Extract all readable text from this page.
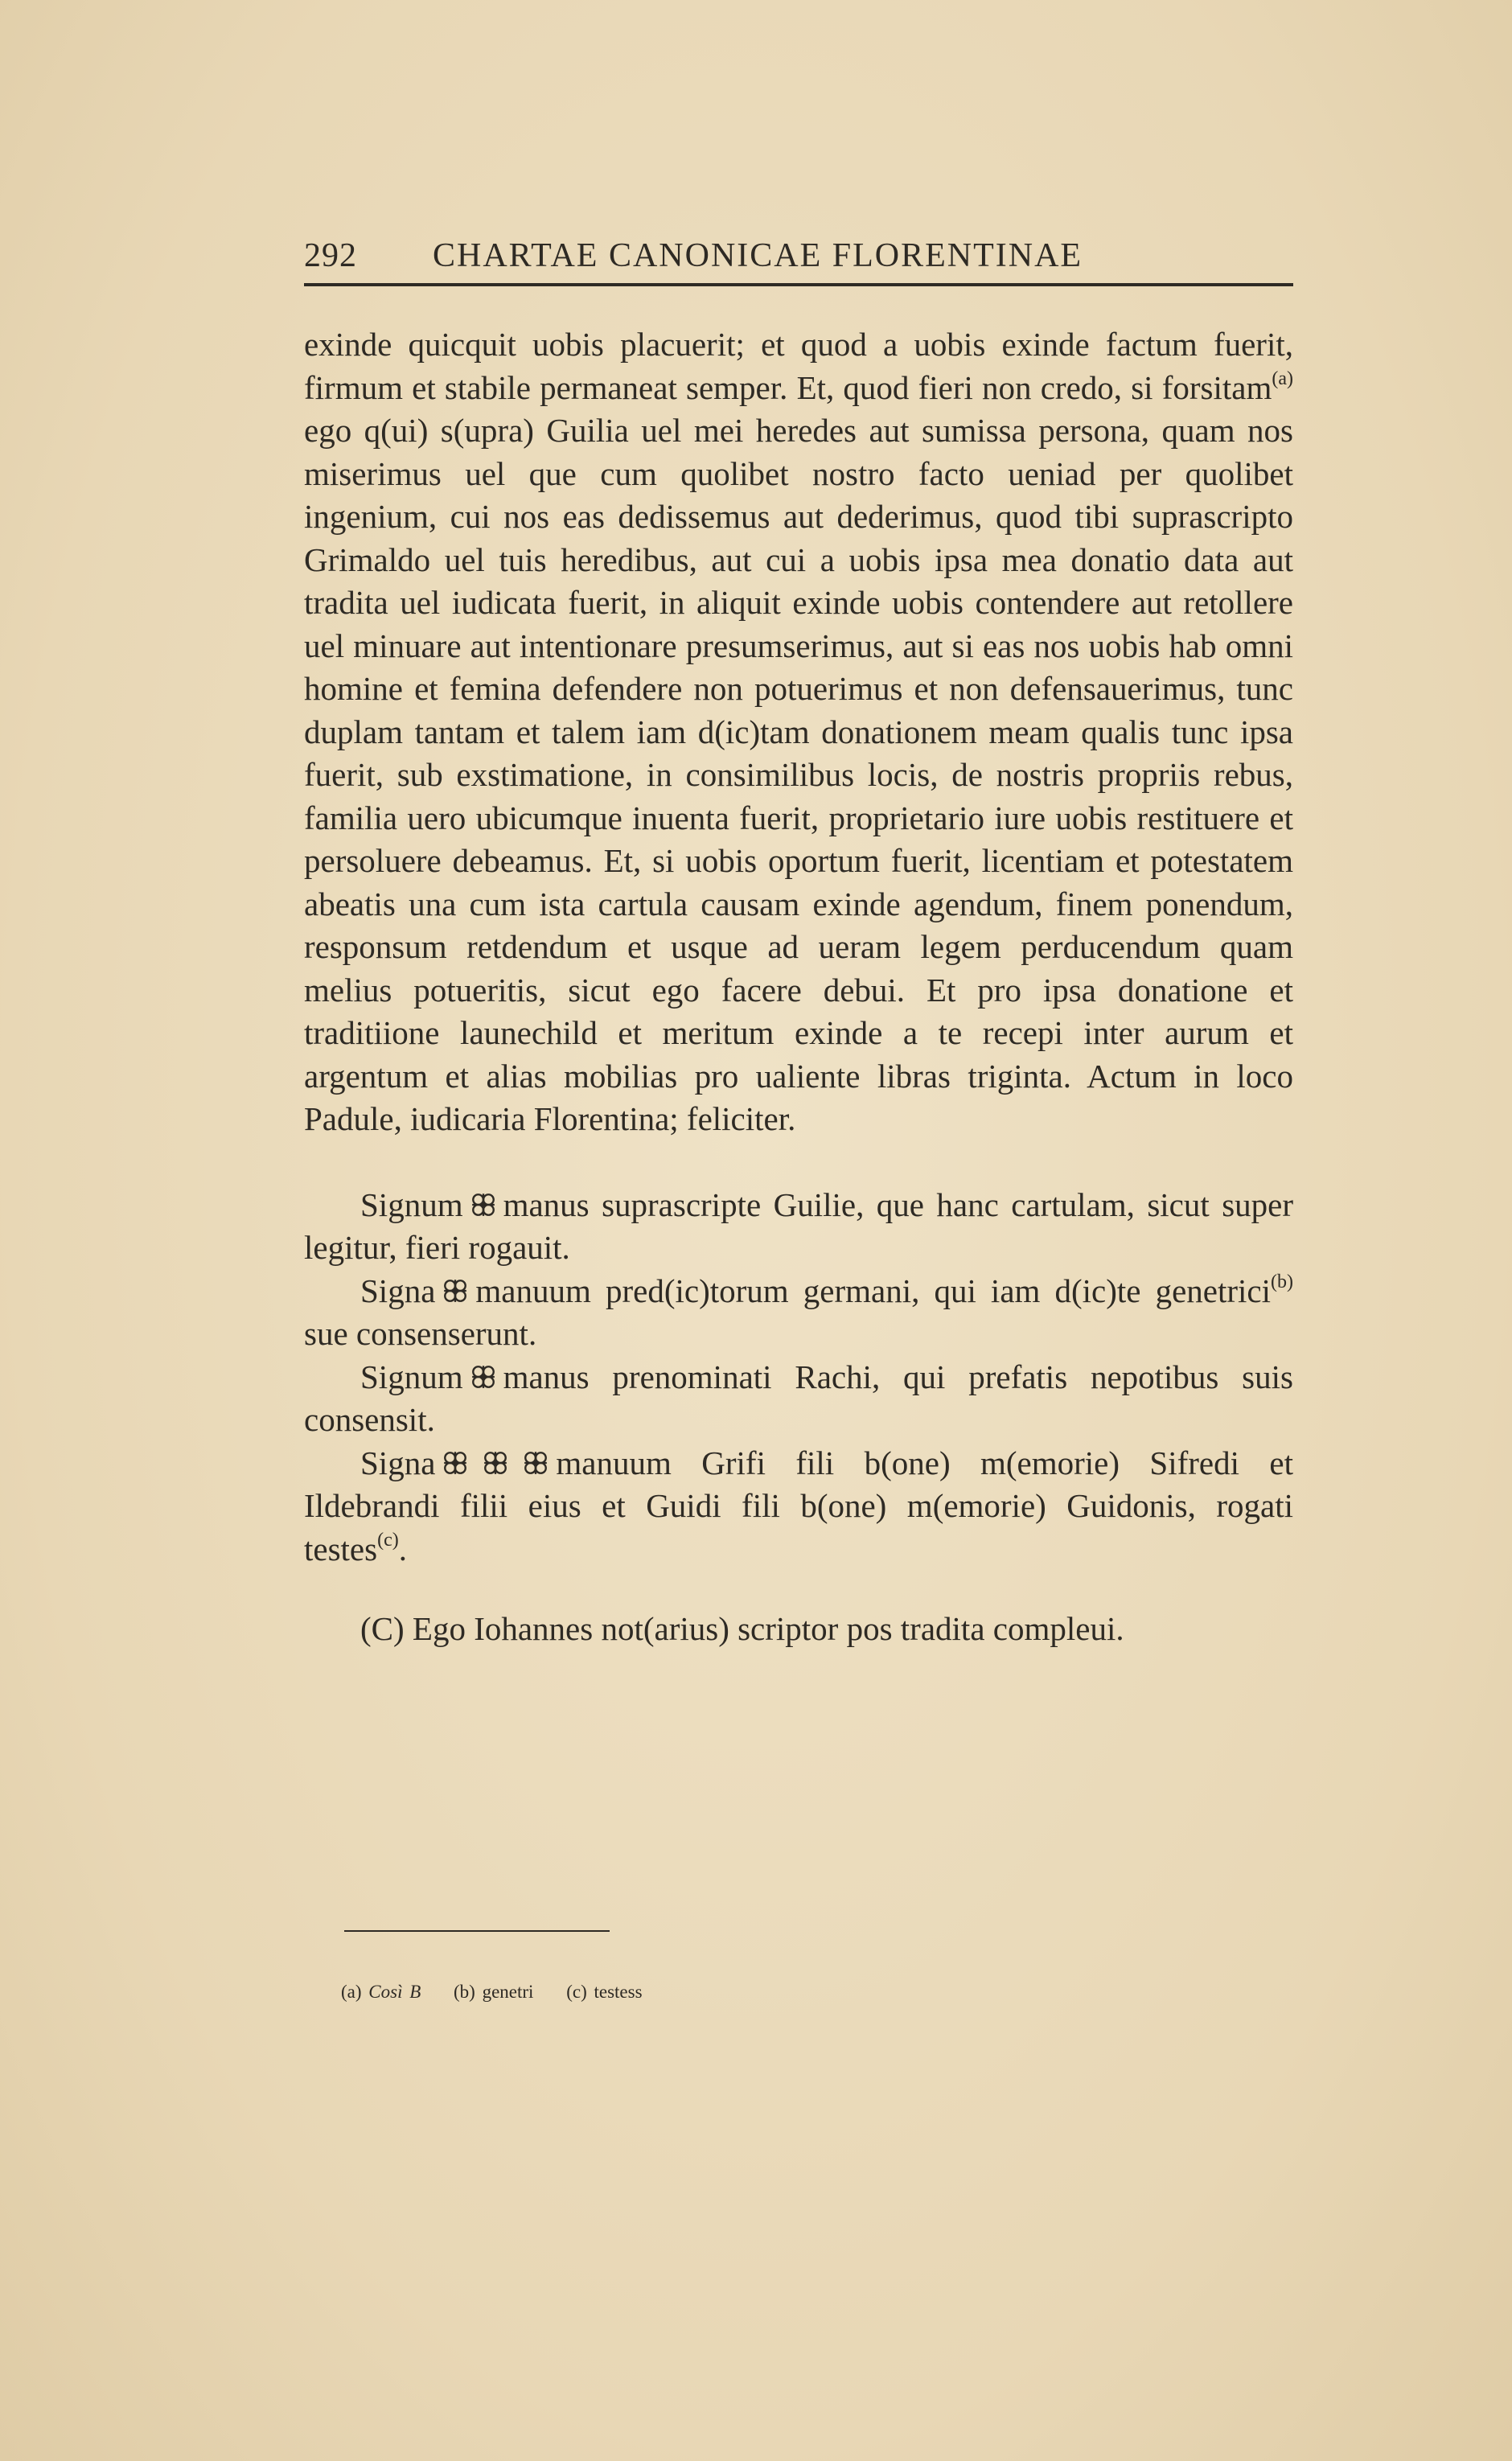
292 CHARTAE CANONICAE FLORENTINAE

exinde quicquit uobis placuerit; et quod a uobis exinde factum fuerit, firmum et stabile permaneat semper. Et, quod fieri non credo, si forsitam$^{(a)}$ ego q(ui) s(upra) Guilia uel mei heredes aut sumissa persona, quam nos miserimus uel que cum quolibet nostro facto ueniad per quolibet ingenium, cui nos eas dedissemus aut dederimus, quod tibi suprascripto Grimaldo uel tuis heredibus, aut cui a uobis ipsa mea donatio data aut tradita uel iudicata fuerit, in aliquit exinde uobis contendere aut retollere uel minuare aut intentionare presumserimus, aut si eas nos uobis hab omni homine et femina defendere non potuerimus et non defensauerimus, tunc duplam tantam et talem iam d(ic)tam donationem meam qualis tunc ipsa fuerit, sub exstimatione, in consimilibus locis, de nostris propriis rebus, familia uero ubicumque inuenta fuerit, proprietario iure uobis restituere et persoluere debeamus. Et, si uobis oportum fuerit, licentiam et potestatem abeatis una cum ista cartula causam exinde agendum, finem ponendum, responsum retdendum et usque ad ueram legem perducendum quam melius potueritis, sicut ego facere debui. Et pro ipsa donatione et traditiione launechild et meritum exinde a te recepi inter aurum et argentum et alias mobilias pro ualiente libras triginta. Actum in loco Padule, iudicaria Florentina; feliciter.

Signum manus suprascripte Guilie, que hanc cartulam, sicut super legitur, fieri rogauit.

Signa manuum pred(ic)torum germani, qui iam d(ic)te genetrici$^{(b)}$ sue consenserunt.

Signum manus prenominati Rachi, qui prefatis nepotibus suis consensit.

Signa	manuum Grifi fili b(one) m(emorie) Sifredi et Ildebrandi filii eius et Guidi fili b(one) m(emorie) Guidonis, rogati testes$^{(c)}$.

(C) Ego Iohannes not(arius) scriptor pos tradita compleui.

(a) Così B (b) genetri (c) testess
